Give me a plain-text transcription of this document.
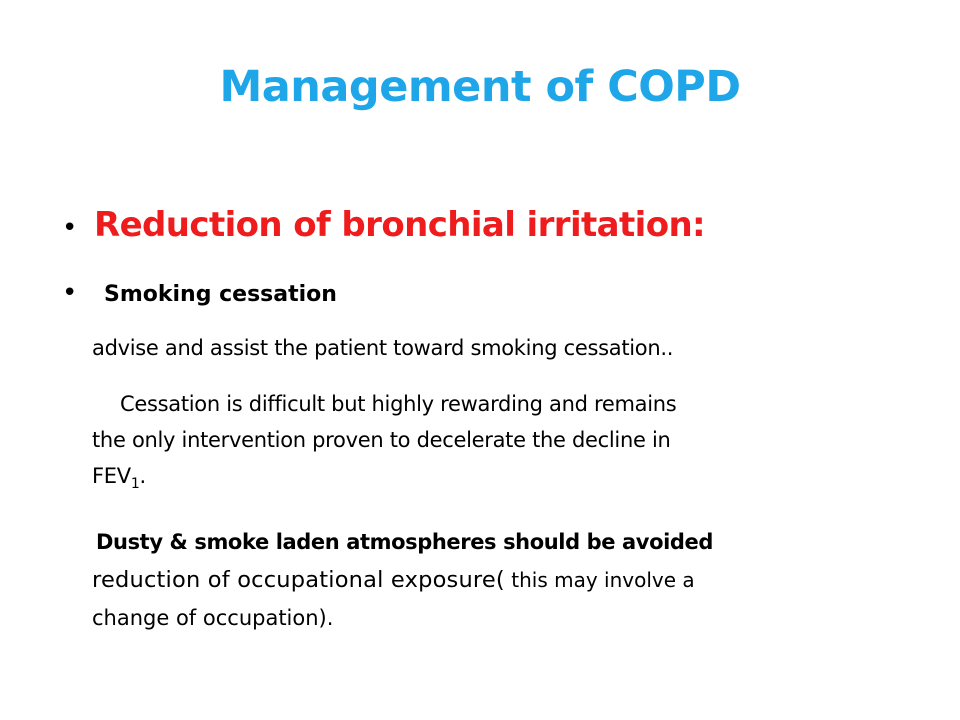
Management of COPD
• Reduction of bronchial irritation:
•	Smoking cessation
advise and assist the patient toward smoking cessation..
Cessation is difficult but highly rewarding and remains
the only intervention proven to decelerate the decline in
$FEV_1$.
Dusty & smoke laden atmospheres should be avoided
reduction of occupational exposure( this may involve a
change of occupation).
